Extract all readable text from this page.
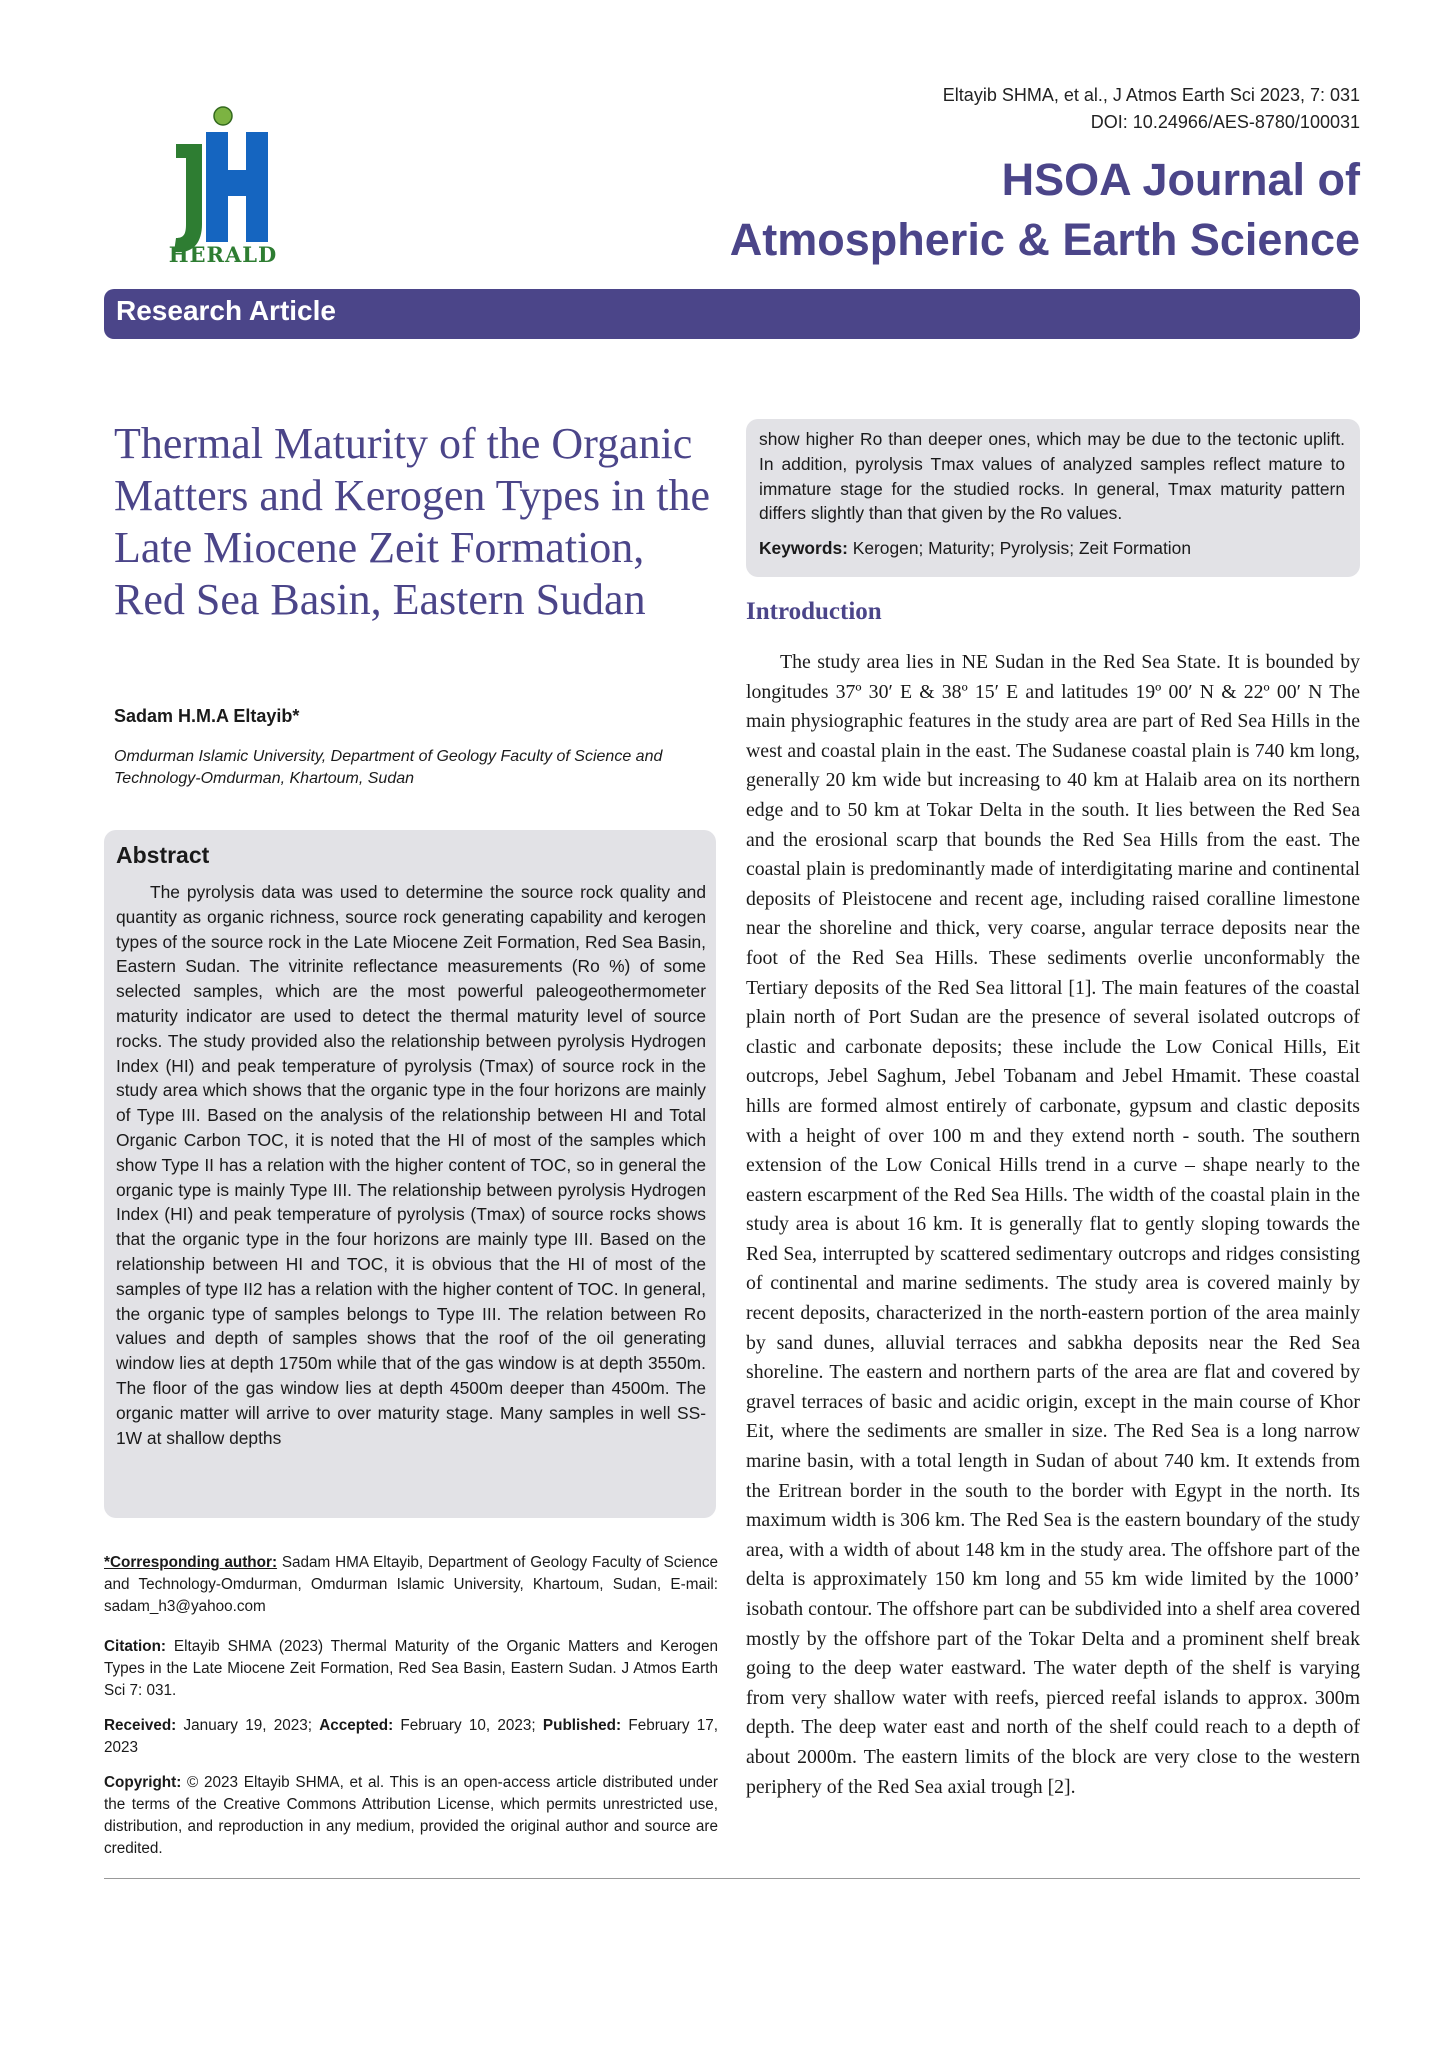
HERALD
Eltayib SHMA, et al., J Atmos Earth Sci 2023, 7: 031
DOI: 10.24966/AES-8780/100031
HSOA Journal of
Atmospheric & Earth Science
Research Article
Thermal Maturity of the Organic Matters and Kerogen Types in the Late Miocene Zeit Formation, Red Sea Basin, Eastern Sudan
Sadam H.M.A Eltayib*
Omdurman Islamic University, Department of Geology Faculty of Science and Technology-Omdurman, Khartoum, Sudan
Abstract
The pyrolysis data was used to determine the source rock quality and quantity as organic richness, source rock generating capability and kerogen types of the source rock in the Late Miocene Zeit Formation, Red Sea Basin, Eastern Sudan. The vitrinite reflectance measurements (Ro %) of some selected samples, which are the most powerful paleogeothermometer maturity indicator are used to detect the thermal maturity level of source rocks. The study provided also the relationship between pyrolysis Hydrogen Index (HI) and peak temperature of pyrolysis (Tmax) of source rock in the study area which shows that the organic type in the four horizons are mainly of Type III. Based on the analysis of the relationship between HI and Total Organic Carbon TOC, it is noted that the HI of most of the samples which show Type II has a relation with the higher content of TOC, so in general the organic type is mainly Type III. The relationship between pyrolysis Hydrogen Index (HI) and peak temperature of pyrolysis (Tmax) of source rocks shows that the organic type in the four horizons are mainly type III. Based on the relationship between HI and TOC, it is obvious that the HI of most of the samples of type II2 has a relation with the higher content of TOC. In general, the organic type of samples belongs to Type III. The relation between Ro values and depth of samples shows that the roof of the oil generating window lies at depth 1750m while that of the gas window is at depth 3550m. The floor of the gas window lies at depth 4500m deeper than 4500m. The organic matter will arrive to over maturity stage. Many samples in well SS-1W at shallow depths
*Corresponding author: Sadam HMA Eltayib, Department of Geology Faculty of Science and Technology-Omdurman, Omdurman Islamic University, Khartoum, Sudan, E-mail: sadam_h3@yahoo.com
Citation: Eltayib SHMA (2023) Thermal Maturity of the Organic Matters and Kerogen Types in the Late Miocene Zeit Formation, Red Sea Basin, Eastern Sudan. J Atmos Earth Sci 7: 031.
Received: January 19, 2023; Accepted: February 10, 2023; Published: February 17, 2023
Copyright: © 2023 Eltayib SHMA, et al. This is an open-access article distributed under the terms of the Creative Commons Attribution License, which permits unrestricted use, distribution, and reproduction in any medium, provided the original author and source are credited.
show higher Ro than deeper ones, which may be due to the tectonic uplift. In addition, pyrolysis Tmax values of analyzed samples reflect mature to immature stage for the studied rocks. In general, Tmax maturity pattern differs slightly than that given by the Ro values.
Keywords: Kerogen; Maturity; Pyrolysis; Zeit Formation
Introduction
The study area lies in NE Sudan in the Red Sea State. It is bounded by longitudes 37º 30′ E & 38º 15′ E and latitudes 19º 00′ N & 22º 00′ N The main physiographic features in the study area are part of Red Sea Hills in the west and coastal plain in the east. The Sudanese coastal plain is 740 km long, generally 20 km wide but increasing to 40 km at Halaib area on its northern edge and to 50 km at Tokar Delta in the south. It lies between the Red Sea and the erosional scarp that bounds the Red Sea Hills from the east. The coastal plain is predominantly made of interdigitating marine and continental deposits of Pleistocene and recent age, including raised coralline limestone near the shoreline and thick, very coarse, angular terrace deposits near the foot of the Red Sea Hills. These sediments overlie unconformably the Tertiary deposits of the Red Sea littoral [1]. The main features of the coastal plain north of Port Sudan are the presence of several isolated outcrops of clastic and carbonate deposits; these include the Low Conical Hills, Eit outcrops, Jebel Saghum, Jebel Tobanam and Jebel Hmamit. These coastal hills are formed almost entirely of carbonate, gypsum and clastic deposits with a height of over 100 m and they extend north - south. The southern extension of the Low Conical Hills trend in a curve – shape nearly to the eastern escarpment of the Red Sea Hills. The width of the coastal plain in the study area is about 16 km. It is generally flat to gently sloping towards the Red Sea, interrupted by scattered sedimentary outcrops and ridges consisting of continental and marine sediments. The study area is covered mainly by recent deposits, characterized in the north-eastern portion of the area mainly by sand dunes, alluvial terraces and sabkha deposits near the Red Sea shoreline. The eastern and northern parts of the area are flat and covered by gravel terraces of basic and acidic origin, except in the main course of Khor Eit, where the sediments are smaller in size. The Red Sea is a long narrow marine basin, with a total length in Sudan of about 740 km. It extends from the Eritrean border in the south to the border with Egypt in the north. Its maximum width is 306 km. The Red Sea is the eastern boundary of the study area, with a width of about 148 km in the study area. The offshore part of the delta is approximately 150 km long and 55 km wide limited by the 1000’ isobath contour. The offshore part can be subdivided into a shelf area covered mostly by the offshore part of the Tokar Delta and a prominent shelf break going to the deep water eastward. The water depth of the shelf is varying from very shallow water with reefs, pierced reefal islands to approx. 300m depth. The deep water east and north of the shelf could reach to a depth of about 2000m. The eastern limits of the block are very close to the western periphery of the Red Sea axial trough [2].
